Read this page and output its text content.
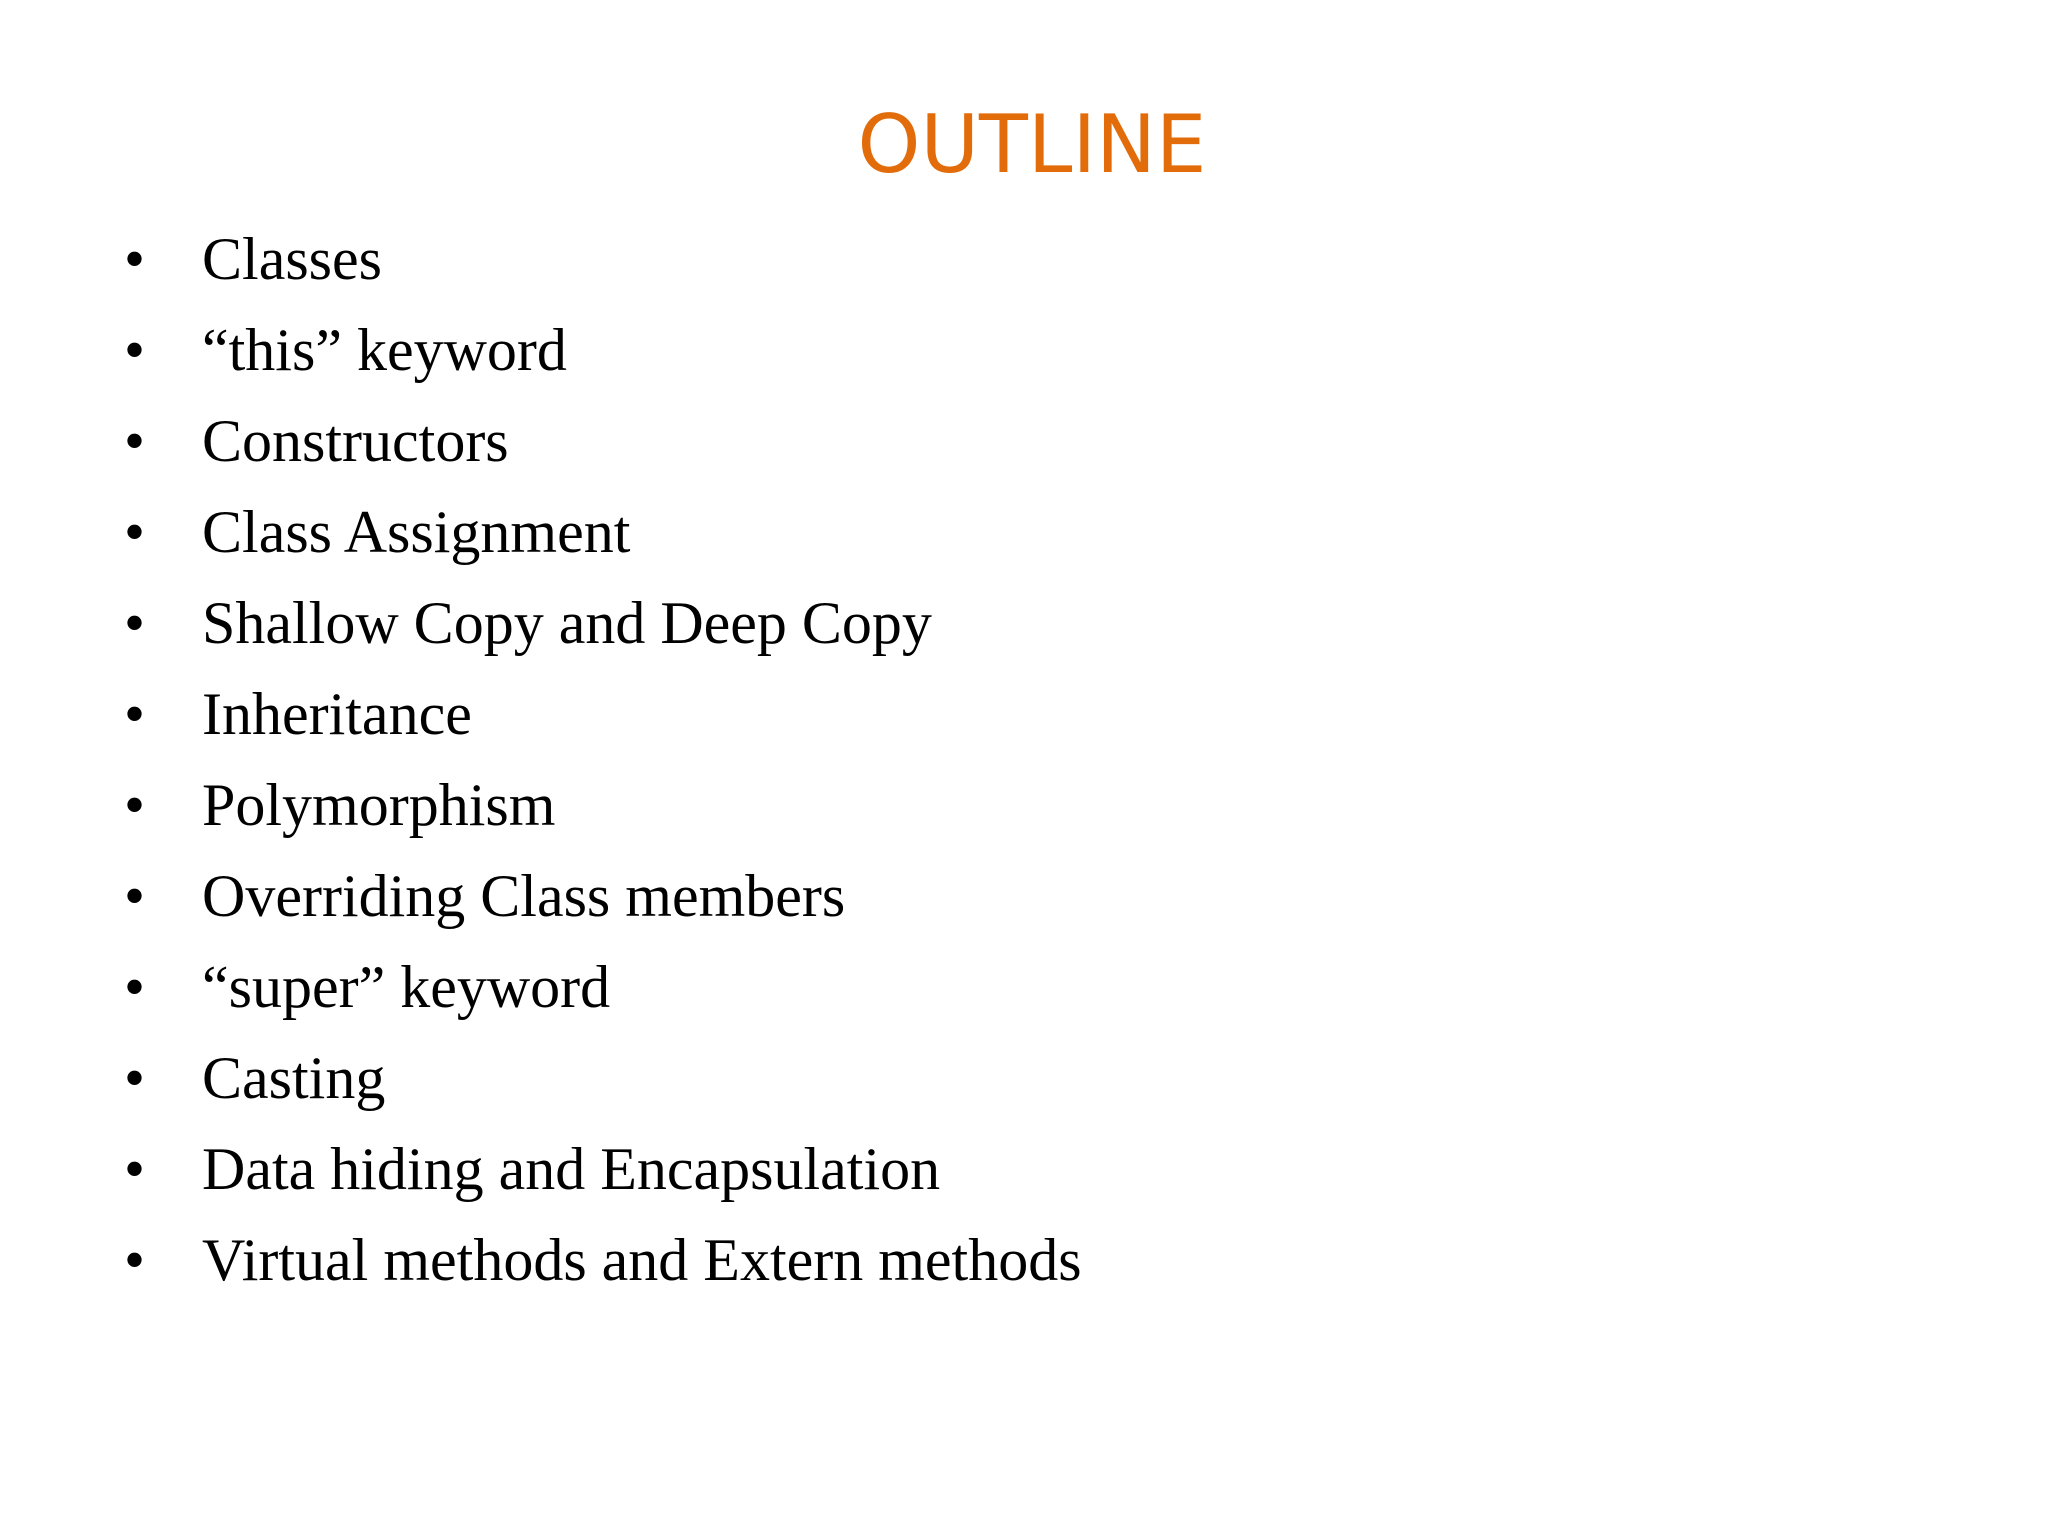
OUTLINE
• Classes
• “this” keyword
• Constructors
• Class Assignment
• Shallow Copy and Deep Copy
• Inheritance
• Polymorphism
• Overriding Class members
• “super” keyword
• Casting
• Data hiding and Encapsulation
• Virtual methods and Extern methods
